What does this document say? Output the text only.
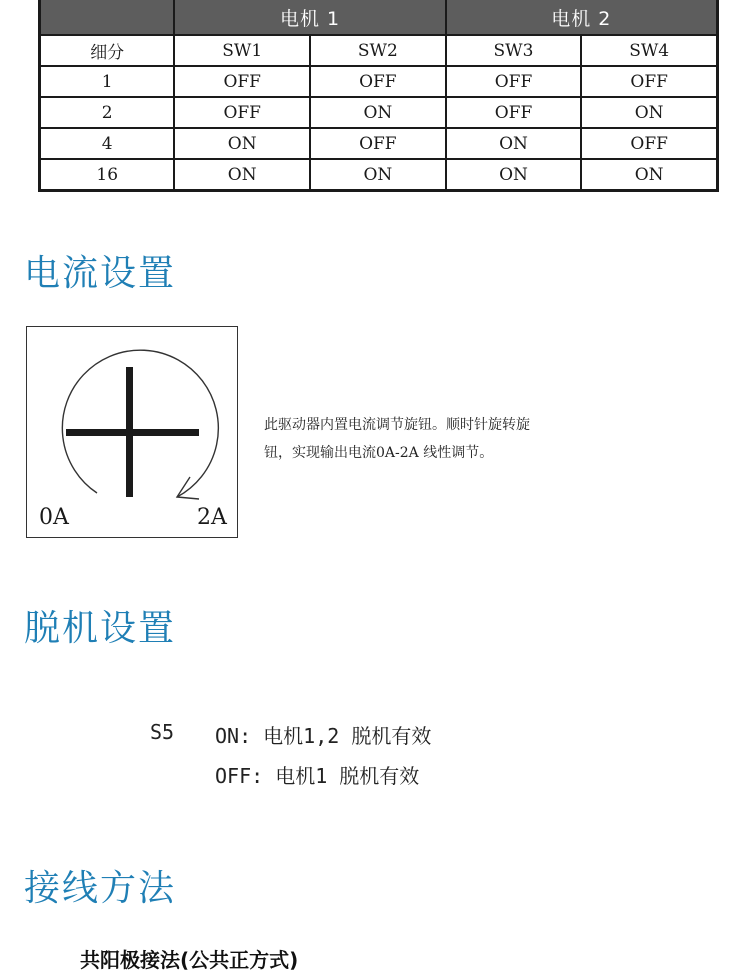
	电机 1		电机 2	
细分	SW1	SW2	SW3	SW4
1	OFF	OFF	OFF	OFF
2	OFF	ON	OFF	ON
4	ON	OFF	ON	OFF
16	ON	ON	ON	ON
电流设置
0A	2A

此驱动器内置电流调节旋钮。顺时针旋转旋

钮，实现输出电流0A-2A 线性调节。

脱机设置
S5 ON: 电机1,2 脱机有效
OFF: 电机1 脱机有效
接线方法
共阳极接法(公共正方式)
